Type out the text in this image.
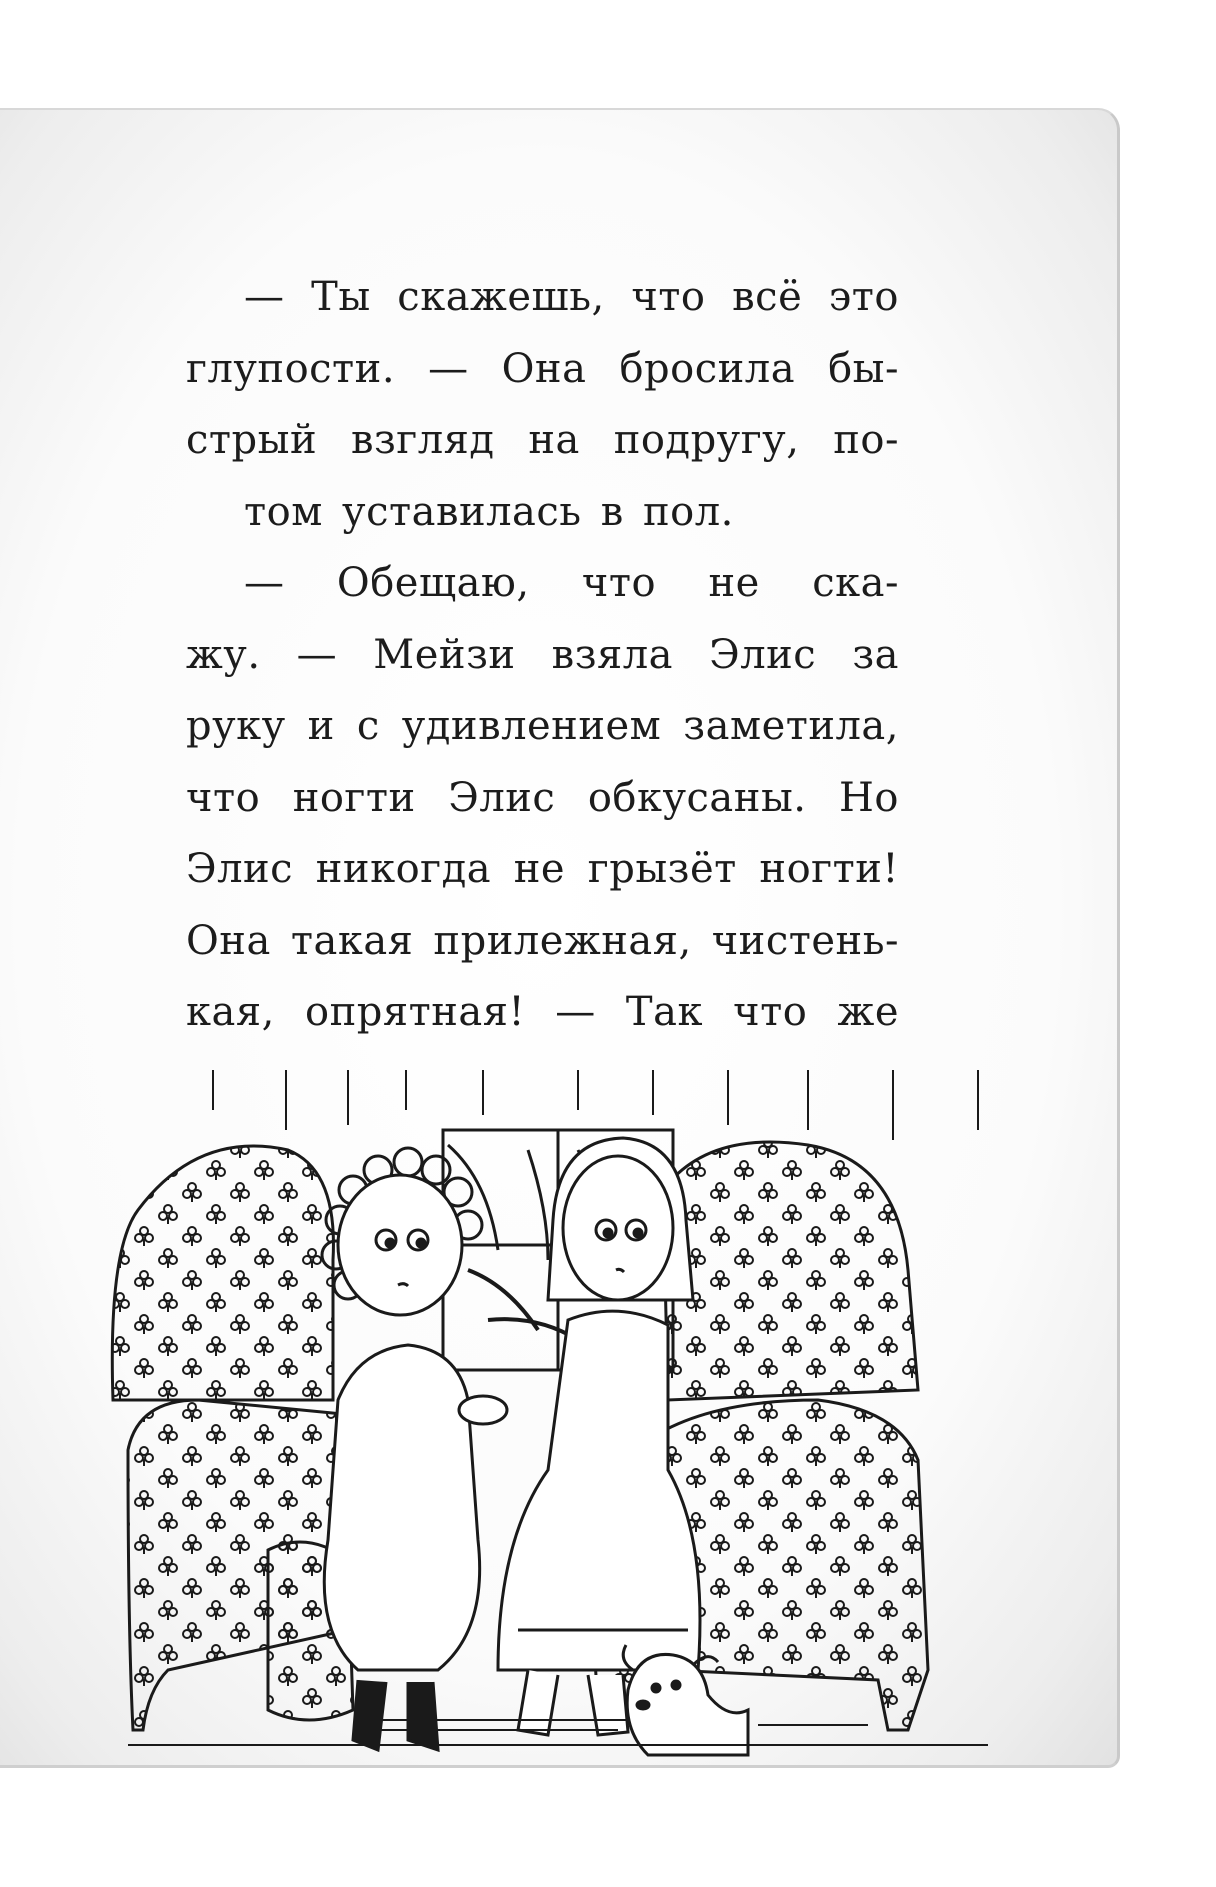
— Ты скажешь, что всё это
глупости. — Она бросила бы-
стрый взгляд на подругу, по-
том уставилась в пол.

— Обещаю, что не ска-
жу. — Мейзи взяла Элис за
руку и с удивлением заметила,
что ногти Элис обкусаны. Но
Элис никогда не грызёт ногти!
Она такая прилежная, чистень-
кая, опрятная! — Так что же
